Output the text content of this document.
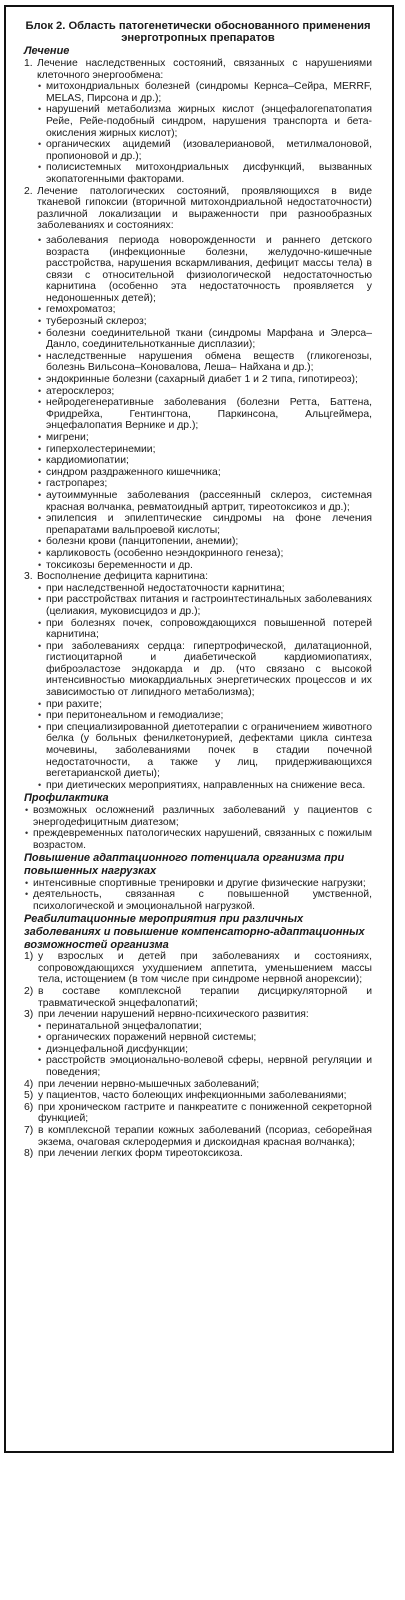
Блок 2. Область патогенетически обоснованного применения энерготропных препаратов
Лечение
1. Лечение наследственных состояний, связанных с нарушениями клеточного энергообмена:
• митохондриальных болезней (синдромы Кернса–Сейра, MERRF, MELAS, Пирсона и др.);
• нарушений метаболизма жирных кислот (энцефалогепатопатия Рейе, Рейе-подобный синдром, нарушения транспорта и бета-окисления жирных кислот);
• органических ацидемий (изовалериановой, метилмалоновой, пропионовой и др.);
• полисистемных митохондриальных дисфункций, вызванных экопатогенными факторами.
2. Лечение патологических состояний, проявляющихся в виде тканевой гипоксии (вторичной митохондриальной недостаточности) различной локализации и выраженности при разнообразных заболеваниях и состояниях:
• заболевания периода новорожденности и раннего детского возраста (инфекционные болезни, желудочно-кишечные расстройства, нарушения вскармливания, дефицит массы тела) в связи с относительной физиологической недостаточностью карнитина (особенно эта недостаточность проявляется у недоношенных детей);
• гемохроматоз;
• туберозный склероз;
• болезни соединительной ткани (синдромы Марфана и Элерса–Данло, соединительнотканные дисплазии);
• наследственные нарушения обмена веществ (гликогенозы, болезнь Вильсона–Коновалова, Леша– Найхана и др.);
• эндокринные болезни (сахарный диабет 1 и 2 типа, гипотиреоз);
• атеросклероз;
• нейродегенеративные заболевания (болезни Ретта, Баттена, Фридрейха, Гентингтона, Паркинсона, Альцгеймера, энцефалопатия Вернике и др.);
• мигрени;
• гиперхолестеринемии;
• кардиомиопатии;
• синдром раздраженного кишечника;
• гастропарез;
• аутоиммунные заболевания (рассеянный склероз, системная красная волчанка, ревматоидный артрит, тиреотоксикоз и др.);
• эпилепсия и эпилептические синдромы на фоне лечения препаратами вальпроевой кислоты;
• болезни крови (панцитопении, анемии);
• карликовость (особенно неэндокринного генеза);
• токсикозы беременности и др.
3. Восполнение дефицита карнитина:
• при наследственной недостаточности карнитина;
• при расстройствах питания и гастроинтестинальных заболеваниях (целиакия, муковисцидоз и др.);
• при болезнях почек, сопровождающихся повышенной потерей карнитина;
• при заболеваниях сердца: гипертрофической, дилатационной, гистиоцитарной и диабетической кардиомиопатиях, фиброэластозе эндокарда и др. (что связано с высокой интенсивностью миокардиальных энергетических процессов и их зависимостью от липидного метаболизма);
• при рахите;
• при перитонеальном и гемодиализе;
• при специализированной диетотерапии с ограничением животного белка (у больных фенилкетонурией, дефектами цикла синтеза мочевины, заболеваниями почек в стадии почечной недостаточности, а также у лиц, придерживающихся вегетарианской диеты);
• при диетических мероприятиях, направленных на снижение веса.
Профилактика
• возможных осложнений различных заболеваний у пациентов с энергодефицитным диатезом;
• преждевременных патологических нарушений, связанных с пожилым возрастом.
Повышение адаптационного потенциала организма при повышенных нагрузках
• интенсивные спортивные тренировки и другие физические нагрузки;
• деятельность, связанная с повышенной умственной, психологической и эмоциональной нагрузкой.
Реабилитационные мероприятия при различных заболеваниях и повышение компенсаторно-адаптационных возможностей организма
1) у взрослых и детей при заболеваниях и состояниях, сопровождающихся ухудшением аппетита, уменьшением массы тела, истощением (в том числе при синдроме нервной анорексии);
2) в составе комплексной терапии дисциркуляторной и травматической энцефалопатий;
3) при лечении нарушений нервно-психического развития:
• перинатальной энцефалопатии;
• органических поражений нервной системы;
• диэнцефальной дисфункции;
• расстройств эмоционально-волевой сферы, нервной регуляции и поведения;
4) при лечении нервно-мышечных заболеваний;
5) у пациентов, часто болеющих инфекционными заболеваниями;
6) при хроническом гастрите и панкреатите с пониженной секреторной функцией;
7) в комплексной терапии кожных заболеваний (псориаз, себорейная экзема, очаговая склеродермия и дискоидная красная волчанка);
8) при лечении легких форм тиреотоксикоза.
